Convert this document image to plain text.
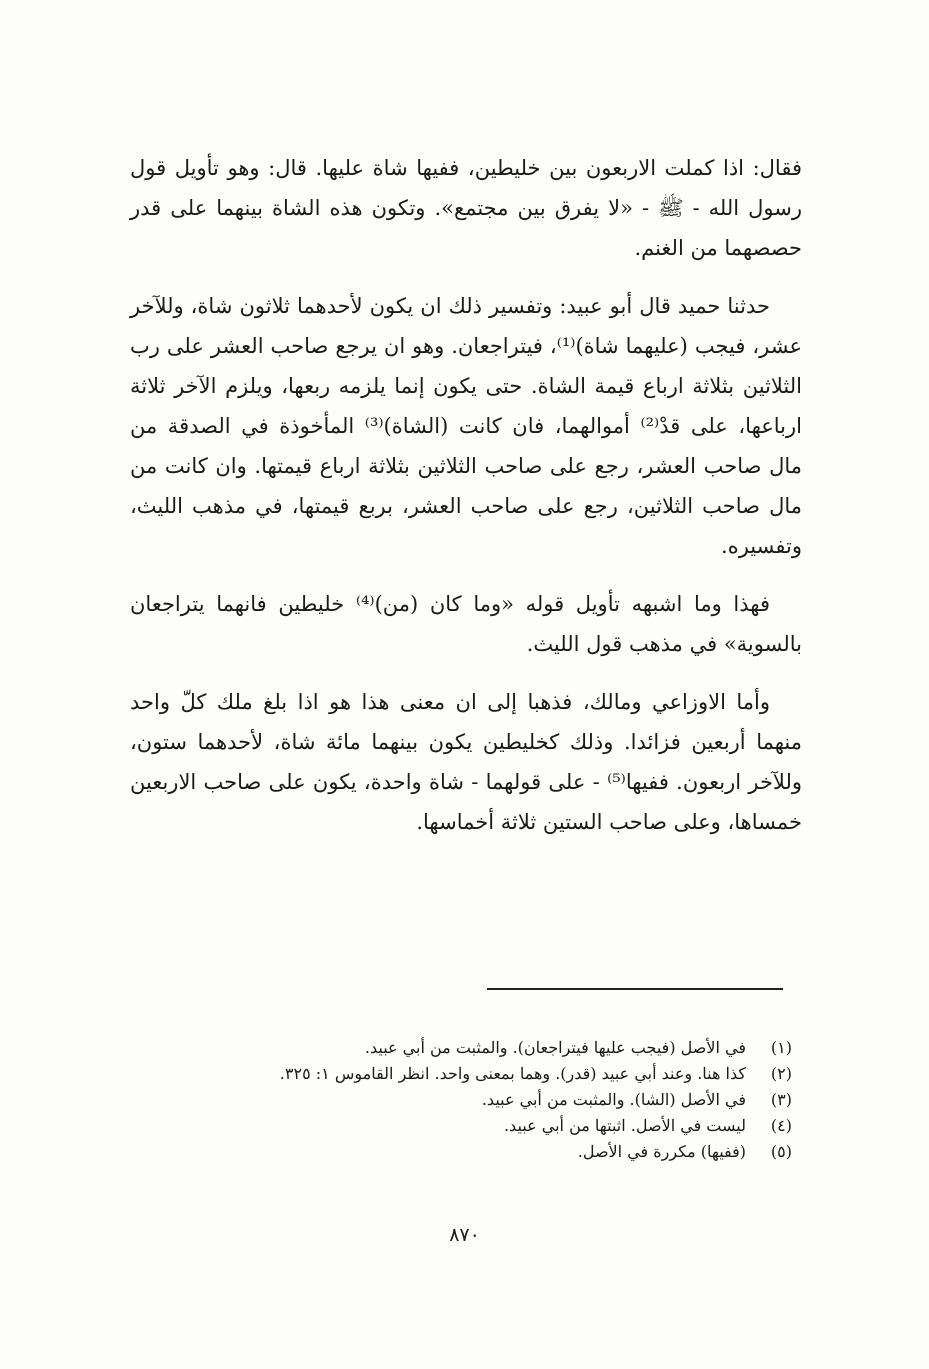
فقال: اذا كملت الاربعون بين خليطين، ففيها شاة عليها. قال: وهو تأويل قول رسول الله - ﷺ - «لا يفرق بين مجتمع». وتكون هذه الشاة بينهما على قدر حصصهما من الغنم.

حدثنا حميد قال أبو عبيد: وتفسير ذلك ان يكون لأحدهما ثلاثون شاة، وللآخر عشر، فيجب (عليهما شاة)⁽¹⁾، فيتراجعان. وهو ان يرجع صاحب العشر على رب الثلاثين بثلاثة ارباع قيمة الشاة. حتى يكون إنما يلزمه ربعها، ويلزم الآخر ثلاثة ارباعها، على قدْ⁽²⁾ أموالهما، فان كانت (الشاة)⁽³⁾ المأخوذة في الصدقة من مال صاحب العشر، رجع على صاحب الثلاثين بثلاثة ارباع قيمتها. وان كانت من مال صاحب الثلاثين، رجع على صاحب العشر، بربع قيمتها، في مذهب الليث، وتفسيره.

فهذا وما اشبهه تأويل قوله «وما كان (من)⁽⁴⁾ خليطين فانهما يتراجعان بالسوية» في مذهب قول الليث.

وأما الاوزاعي ومالك، فذهبا إلى ان معنى هذا هو اذا بلغ ملك كلّ واحد منهما أربعين فزائدا. وذلك كخليطين يكون بينهما مائة شاة، لأحدهما ستون، وللآخر اربعون. ففيها⁽⁵⁾ - على قولهما - شاة واحدة، يكون على صاحب الاربعين خمساها، وعلى صاحب الستين ثلاثة أخماسها.

(١)
في الأصل (فيجب عليها فيتراجعان). والمثبت من أبي عبيد.
(٢)
كذا هنا. وعند أبي عبيد (قدر). وهما بمعنى واحد. انظر القاموس ١: ٣٢٥.
(٣)
في الأصل (الشا). والمثبت من أبي عبيد.
(٤)
ليست في الأصل. اثبتها من أبي عبيد.
(٥)
(ففيها) مكررة في الأصل.
٨٧٠
